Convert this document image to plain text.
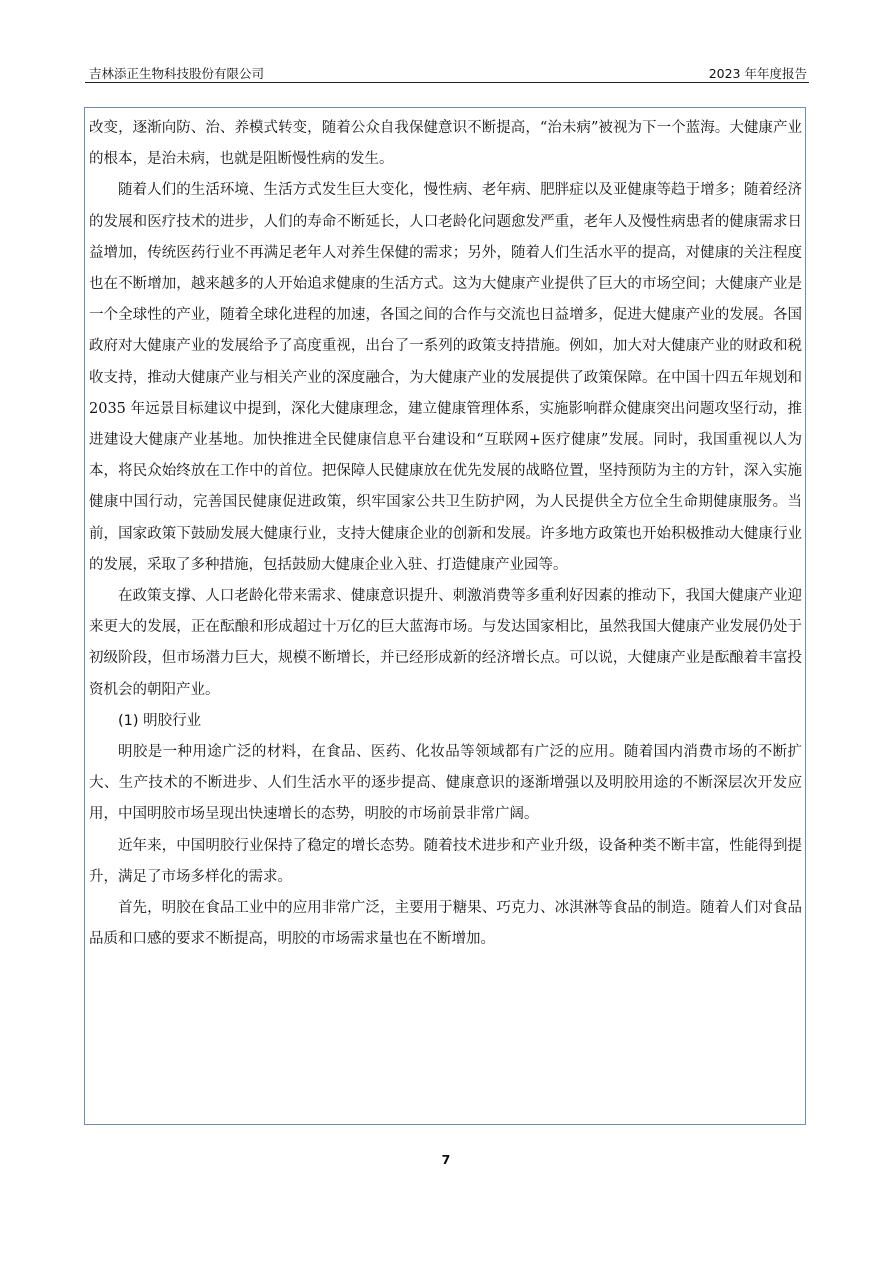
吉林添正生物科技股份有限公司	2023 年年度报告

改变，逐渐向防、治、养模式转变，随着公众自我保健意识不断提高，“治未病”被视为下一个蓝海。大健康产业的根本，是治未病，也就是阻断慢性病的发生。

随着人们的生活环境、生活方式发生巨大变化，慢性病、老年病、肥胖症以及亚健康等趋于增多；随着经济的发展和医疗技术的进步，人们的寿命不断延长，人口老龄化问题愈发严重，老年人及慢性病患者的健康需求日益增加，传统医药行业不再满足老年人对养生保健的需求；另外，随着人们生活水平的提高，对健康的关注程度也在不断增加，越来越多的人开始追求健康的生活方式。这为大健康产业提供了巨大的市场空间；大健康产业是一个全球性的产业，随着全球化进程的加速，各国之间的合作与交流也日益增多，促进大健康产业的发展。各国政府对大健康产业的发展给予了高度重视，出台了一系列的政策支持措施。例如，加大对大健康产业的财政和税收支持，推动大健康产业与相关产业的深度融合，为大健康产业的发展提供了政策保障。在中国十四五年规划和 2035 年远景目标建议中提到，深化大健康理念，建立健康管理体系，实施影响群众健康突出问题攻坚行动，推进建设大健康产业基地。加快推进全民健康信息平台建设和“互联网+医疗健康”发展。同时，我国重视以人为本，将民众始终放在工作中的首位。把保障人民健康放在优先发展的战略位置，坚持预防为主的方针，深入实施健康中国行动，完善国民健康促进政策，织牢国家公共卫生防护网，为人民提供全方位全生命期健康服务。当前，国家政策下鼓励发展大健康行业，支持大健康企业的创新和发展。许多地方政策也开始积极推动大健康行业的发展，采取了多种措施，包括鼓励大健康企业入驻、打造健康产业园等。

在政策支撑、人口老龄化带来需求、健康意识提升、刺激消费等多重利好因素的推动下，我国大健康产业迎来更大的发展，正在酝酿和形成超过十万亿的巨大蓝海市场。与发达国家相比，虽然我国大健康产业发展仍处于初级阶段，但市场潜力巨大，规模不断增长，并已经形成新的经济增长点。可以说，大健康产业是酝酿着丰富投资机会的朝阳产业。

(1) 明胶行业

明胶是一种用途广泛的材料，在食品、医药、化妆品等领域都有广泛的应用。随着国内消费市场的不断扩大、生产技术的不断进步、人们生活水平的逐步提高、健康意识的逐渐增强以及明胶用途的不断深层次开发应用，中国明胶市场呈现出快速增长的态势，明胶的市场前景非常广阔。

近年来，中国明胶行业保持了稳定的增长态势。随着技术进步和产业升级，设备种类不断丰富，性能得到提升，满足了市场多样化的需求。

首先，明胶在食品工业中的应用非常广泛，主要用于糖果、巧克力、冰淇淋等食品的制造。随着人们对食品品质和口感的要求不断提高，明胶的市场需求量也在不断增加。

7
